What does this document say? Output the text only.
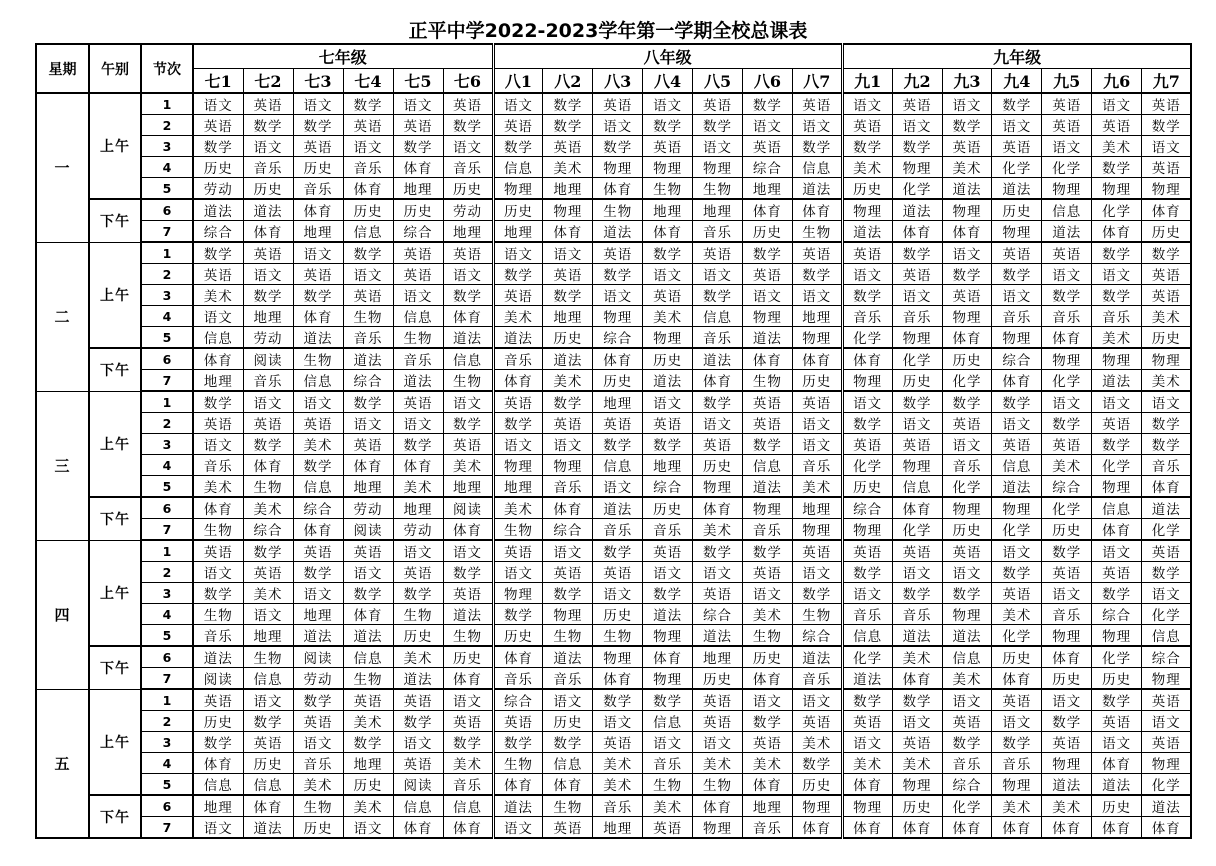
正平中学2022-2023学年第一学期全校总课表
星期	午别	节次	七年级						八年级							九年级						
			七1	七2	七3	七4	七5	七6	八1	八2	八3	八4	八5	八6	八7	九1	九2	九3	九4	九5	九6	九7
一	上午	1	语文	英语	语文	数学	语文	英语	语文	数学	英语	语文	英语	数学	英语	语文	英语	语文	数学	英语	语文	英语
		2	英语	数学	数学	英语	英语	数学	英语	数学	语文	数学	数学	语文	语文	英语	语文	数学	语文	英语	英语	数学
		3	数学	语文	英语	语文	数学	语文	数学	英语	数学	英语	语文	英语	数学	数学	数学	英语	英语	语文	美术	语文
		4	历史	音乐	历史	音乐	体育	音乐	信息	美术	物理	物理	物理	综合	信息	美术	物理	美术	化学	化学	数学	英语
		5	劳动	历史	音乐	体育	地理	历史	物理	地理	体育	生物	生物	地理	道法	历史	化学	道法	道法	物理	物理	物理
	下午	6	道法	道法	体育	历史	历史	劳动	历史	物理	生物	地理	地理	体育	体育	物理	道法	物理	历史	信息	化学	体育
		7	综合	体育	地理	信息	综合	地理	地理	体育	道法	体育	音乐	历史	生物	道法	体育	体育	物理	道法	体育	历史
二	上午	1	数学	英语	语文	数学	英语	英语	语文	语文	英语	数学	英语	数学	英语	英语	数学	语文	英语	英语	数学	数学
		2	英语	语文	英语	语文	英语	语文	数学	英语	数学	语文	语文	英语	数学	语文	英语	数学	数学	语文	语文	英语
		3	美术	数学	数学	英语	语文	数学	英语	数学	语文	英语	数学	语文	语文	数学	语文	英语	语文	数学	数学	英语
		4	语文	地理	体育	生物	信息	体育	美术	地理	物理	美术	信息	物理	地理	音乐	音乐	物理	音乐	音乐	音乐	美术
		5	信息	劳动	道法	音乐	生物	道法	道法	历史	综合	物理	音乐	道法	物理	化学	物理	体育	物理	体育	美术	历史
	下午	6	体育	阅读	生物	道法	音乐	信息	音乐	道法	体育	历史	道法	体育	体育	体育	化学	历史	综合	物理	物理	物理
		7	地理	音乐	信息	综合	道法	生物	体育	美术	历史	道法	体育	生物	历史	物理	历史	化学	体育	化学	道法	美术
三	上午	1	数学	语文	语文	数学	英语	语文	英语	数学	地理	语文	数学	英语	英语	语文	数学	数学	数学	语文	语文	语文
		2	英语	英语	英语	语文	语文	数学	数学	英语	英语	英语	语文	英语	语文	数学	语文	英语	语文	数学	英语	数学
		3	语文	数学	美术	英语	数学	英语	语文	语文	数学	数学	英语	数学	语文	英语	英语	语文	英语	英语	数学	数学
		4	音乐	体育	数学	体育	体育	美术	物理	物理	信息	地理	历史	信息	音乐	化学	物理	音乐	信息	美术	化学	音乐
		5	美术	生物	信息	地理	美术	地理	地理	音乐	语文	综合	物理	道法	美术	历史	信息	化学	道法	综合	物理	体育
	下午	6	体育	美术	综合	劳动	地理	阅读	美术	体育	道法	历史	体育	物理	地理	综合	体育	物理	物理	化学	信息	道法
		7	生物	综合	体育	阅读	劳动	体育	生物	综合	音乐	音乐	美术	音乐	物理	物理	化学	历史	化学	历史	体育	化学
四	上午	1	英语	数学	英语	英语	语文	语文	英语	语文	数学	英语	数学	数学	英语	英语	英语	英语	语文	数学	语文	英语
		2	语文	英语	数学	语文	英语	数学	语文	英语	英语	语文	语文	英语	语文	数学	语文	语文	数学	英语	英语	数学
		3	数学	美术	语文	数学	数学	英语	物理	数学	语文	数学	英语	语文	数学	语文	数学	数学	英语	语文	数学	语文
		4	生物	语文	地理	体育	生物	道法	数学	物理	历史	道法	综合	美术	生物	音乐	音乐	物理	美术	音乐	综合	化学
		5	音乐	地理	道法	道法	历史	生物	历史	生物	生物	物理	道法	生物	综合	信息	道法	道法	化学	物理	物理	信息
	下午	6	道法	生物	阅读	信息	美术	历史	体育	道法	物理	体育	地理	历史	道法	化学	美术	信息	历史	体育	化学	综合
		7	阅读	信息	劳动	生物	道法	体育	音乐	音乐	体育	物理	历史	体育	音乐	道法	体育	美术	体育	历史	历史	物理
五	上午	1	英语	语文	数学	英语	英语	语文	综合	语文	数学	数学	英语	语文	语文	数学	数学	语文	英语	语文	数学	英语
		2	历史	数学	英语	美术	数学	英语	英语	历史	语文	信息	英语	数学	英语	英语	语文	英语	语文	数学	英语	语文
		3	数学	英语	语文	数学	语文	数学	数学	数学	英语	语文	语文	英语	美术	语文	英语	数学	数学	英语	语文	英语
		4	体育	历史	音乐	地理	英语	美术	生物	信息	美术	音乐	美术	美术	数学	美术	美术	音乐	音乐	物理	体育	物理
		5	信息	信息	美术	历史	阅读	音乐	体育	体育	美术	生物	生物	体育	历史	体育	物理	综合	物理	道法	道法	化学
	下午	6	地理	体育	生物	美术	信息	信息	道法	生物	音乐	美术	体育	地理	物理	物理	历史	化学	美术	美术	历史	道法
		7	语文	道法	历史	语文	体育	体育	语文	英语	地理	英语	物理	音乐	体育	体育	体育	体育	体育	体育	体育	体育
